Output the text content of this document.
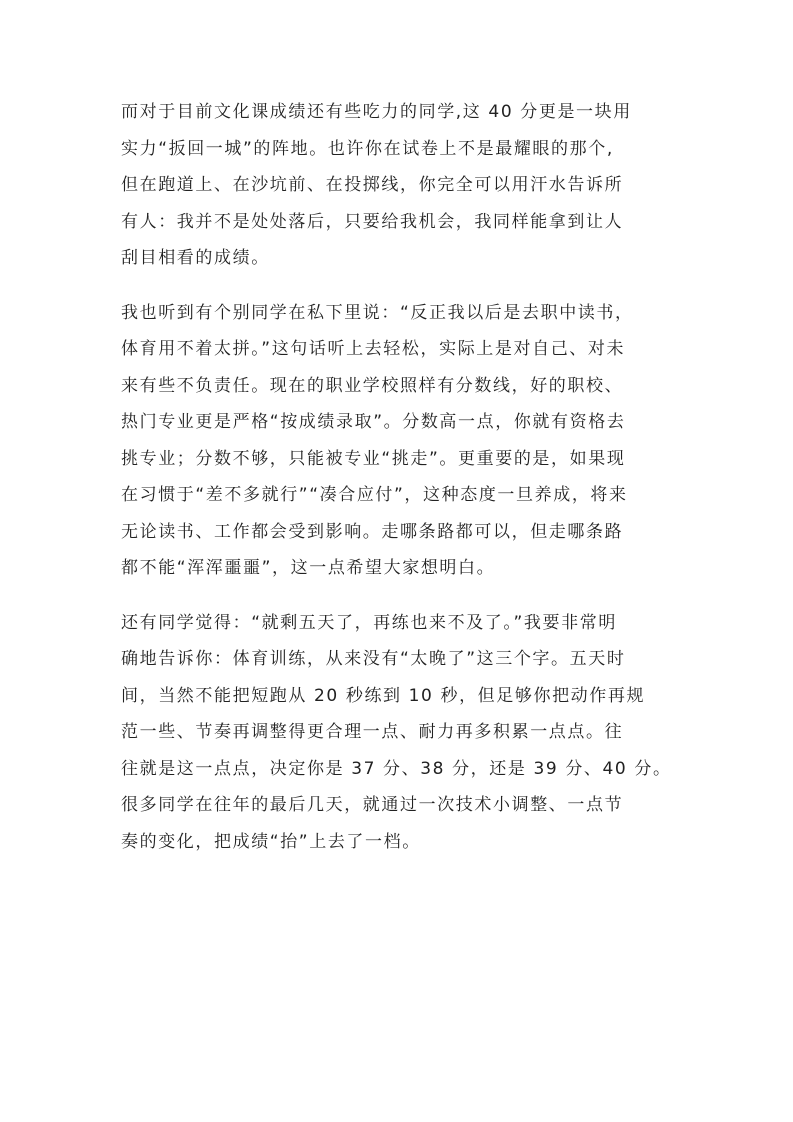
而对于目前文化课成绩还有些吃力的同学,这 40 分更是一块用
实力“扳回一城”的阵地。也许你在试卷上不是最耀眼的那个,
但在跑道上、在沙坑前、在投掷线，你完全可以用汗水告诉所
有人：我并不是处处落后，只要给我机会，我同样能拿到让人
刮目相看的成绩。
我也听到有个别同学在私下里说：“反正我以后是去职中读书，
体育用不着太拼。”这句话听上去轻松，实际上是对自己、对未
来有些不负责任。现在的职业学校照样有分数线，好的职校、
热门专业更是严格“按成绩录取”。分数高一点，你就有资格去
挑专业；分数不够，只能被专业“挑走”。更重要的是，如果现
在习惯于“差不多就行”“凑合应付”，这种态度一旦养成，将来
无论读书、工作都会受到影响。走哪条路都可以，但走哪条路
都不能“浑浑噩噩”，这一点希望大家想明白。
还有同学觉得：“就剩五天了，再练也来不及了。”我要非常明
确地告诉你：体育训练，从来没有“太晚了”这三个字。五天时
间，当然不能把短跑从 20 秒练到 10 秒，但足够你把动作再规
范一些、节奏再调整得更合理一点、耐力再多积累一点点。往
往就是这一点点，决定你是 37 分、38 分，还是 39 分、40 分。
很多同学在往年的最后几天，就通过一次技术小调整、一点节
奏的变化，把成绩“抬”上去了一档。
